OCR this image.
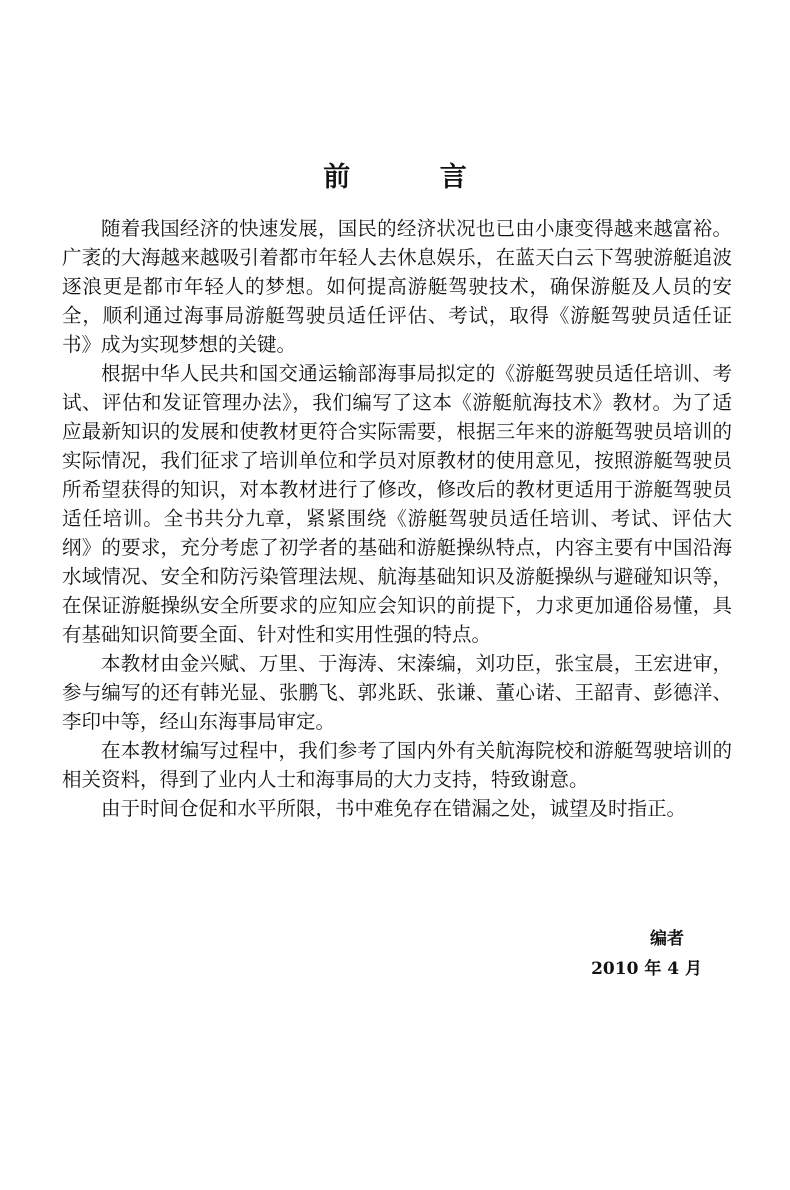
前 言

随着我国经济的快速发展，国民的经济状况也已由小康变得越来越富裕。广袤的大海越来越吸引着都市年轻人去休息娱乐，在蓝天白云下驾驶游艇追波逐浪更是都市年轻人的梦想。如何提高游艇驾驶技术，确保游艇及人员的安全，顺利通过海事局游艇驾驶员适任评估、考试，取得《游艇驾驶员适任证书》成为实现梦想的关键。

根据中华人民共和国交通运输部海事局拟定的《游艇驾驶员适任培训、考试、评估和发证管理办法》，我们编写了这本《游艇航海技术》教材。为了适应最新知识的发展和使教材更符合实际需要，根据三年来的游艇驾驶员培训的实际情况，我们征求了培训单位和学员对原教材的使用意见，按照游艇驾驶员所希望获得的知识，对本教材进行了修改，修改后的教材更适用于游艇驾驶员适任培训。全书共分九章，紧紧围绕《游艇驾驶员适任培训、考试、评估大纲》的要求，充分考虑了初学者的基础和游艇操纵特点，内容主要有中国沿海水域情况、安全和防污染管理法规、航海基础知识及游艇操纵与避碰知识等，在保证游艇操纵安全所要求的应知应会知识的前提下，力求更加通俗易懂，具有基础知识简要全面、针对性和实用性强的特点。

本教材由金兴赋、万里、于海涛、宋溱编，刘功臣，张宝晨，王宏进审，参与编写的还有韩光显、张鹏飞、郭兆跃、张谦、董心诺、王韶青、彭德洋、李印中等，经山东海事局审定。

在本教材编写过程中，我们参考了国内外有关航海院校和游艇驾驶培训的相关资料，得到了业内人士和海事局的大力支持，特致谢意。

由于时间仓促和水平所限，书中难免存在错漏之处，诚望及时指正。

编者
2010 年 4 月
